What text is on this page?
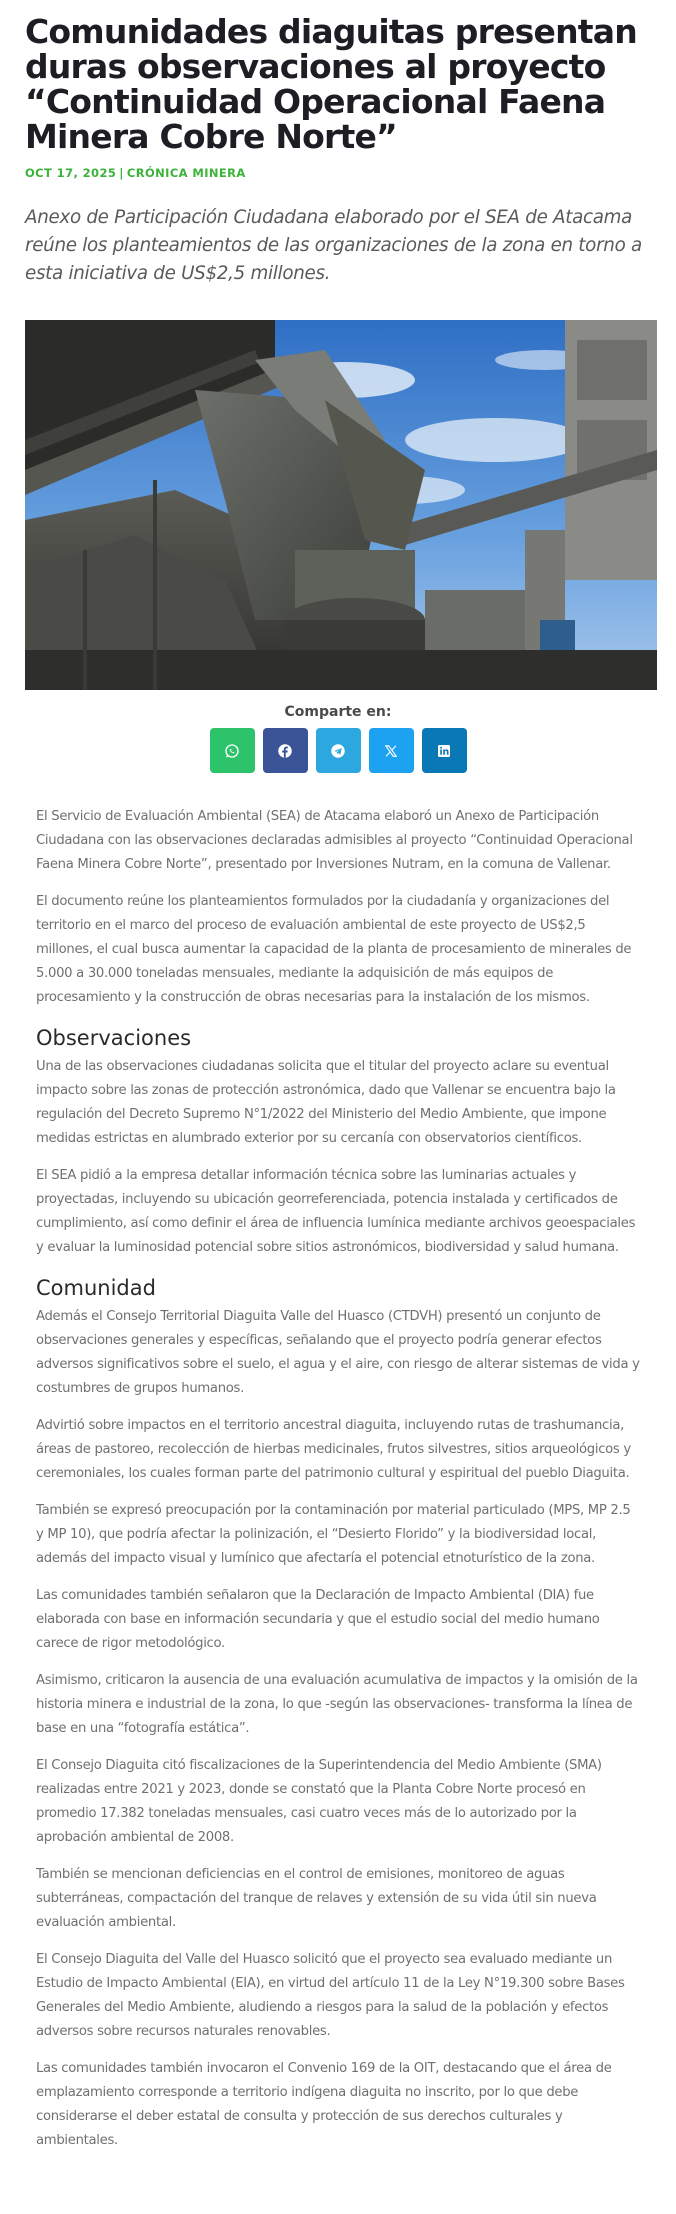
Comunidades diaguitas presentan duras observaciones al proyecto “Continuidad Operacional Faena Minera Cobre Norte”
OCT 17, 2025 | CRÓNICA MINERA
Anexo de Participación Ciudadana elaborado por el SEA de Atacama reúne los planteamientos de las organizaciones de la zona en torno a esta iniciativa de US$2,5 millones.
Comparte en:

El Servicio de Evaluación Ambiental (SEA) de Atacama elaboró un Anexo de Participación Ciudadana con las observaciones declaradas admisibles al proyecto “Continuidad Operacional Faena Minera Cobre Norte”, presentado por Inversiones Nutram, en la comuna de Vallenar.

El documento reúne los planteamientos formulados por la ciudadanía y organizaciones del territorio en el marco del proceso de evaluación ambiental de este proyecto de US$2,5 millones, el cual busca aumentar la capacidad de la planta de procesamiento de minerales de 5.000 a 30.000 toneladas mensuales, mediante la adquisición de más equipos de procesamiento y la construcción de obras necesarias para la instalación de los mismos.

Observaciones

Una de las observaciones ciudadanas solicita que el titular del proyecto aclare su eventual impacto sobre las zonas de protección astronómica, dado que Vallenar se encuentra bajo la regulación del Decreto Supremo N°1/2022 del Ministerio del Medio Ambiente, que impone medidas estrictas en alumbrado exterior por su cercanía con observatorios científicos.

El SEA pidió a la empresa detallar información técnica sobre las luminarias actuales y proyectadas, incluyendo su ubicación georreferenciada, potencia instalada y certificados de cumplimiento, así como definir el área de influencia lumínica mediante archivos geoespaciales y evaluar la luminosidad potencial sobre sitios astronómicos, biodiversidad y salud humana.

Comunidad

Además el Consejo Territorial Diaguita Valle del Huasco (CTDVH) presentó un conjunto de observaciones generales y específicas, señalando que el proyecto podría generar efectos adversos significativos sobre el suelo, el agua y el aire, con riesgo de alterar sistemas de vida y costumbres de grupos humanos.

Advirtió sobre impactos en el territorio ancestral diaguita, incluyendo rutas de trashumancia, áreas de pastoreo, recolección de hierbas medicinales, frutos silvestres, sitios arqueológicos y ceremoniales, los cuales forman parte del patrimonio cultural y espiritual del pueblo Diaguita.

También se expresó preocupación por la contaminación por material particulado (MPS, MP 2.5 y MP 10), que podría afectar la polinización, el “Desierto Florido” y la biodiversidad local, además del impacto visual y lumínico que afectaría el potencial etnoturístico de la zona.

Las comunidades también señalaron que la Declaración de Impacto Ambiental (DIA) fue elaborada con base en información secundaria y que el estudio social del medio humano carece de rigor metodológico.

Asimismo, criticaron la ausencia de una evaluación acumulativa de impactos y la omisión de la historia minera e industrial de la zona, lo que -según las observaciones- transforma la línea de base en una “fotografía estática”.

El Consejo Diaguita citó fiscalizaciones de la Superintendencia del Medio Ambiente (SMA) realizadas entre 2021 y 2023, donde se constató que la Planta Cobre Norte procesó en promedio 17.382 toneladas mensuales, casi cuatro veces más de lo autorizado por la aprobación ambiental de 2008.

También se mencionan deficiencias en el control de emisiones, monitoreo de aguas subterráneas, compactación del tranque de relaves y extensión de su vida útil sin nueva evaluación ambiental.

El Consejo Diaguita del Valle del Huasco solicitó que el proyecto sea evaluado mediante un Estudio de Impacto Ambiental (EIA), en virtud del artículo 11 de la Ley N°19.300 sobre Bases Generales del Medio Ambiente, aludiendo a riesgos para la salud de la población y efectos adversos sobre recursos naturales renovables.

Las comunidades también invocaron el Convenio 169 de la OIT, destacando que el área de emplazamiento corresponde a territorio indígena diaguita no inscrito, por lo que debe considerarse el deber estatal de consulta y protección de sus derechos culturales y ambientales.
